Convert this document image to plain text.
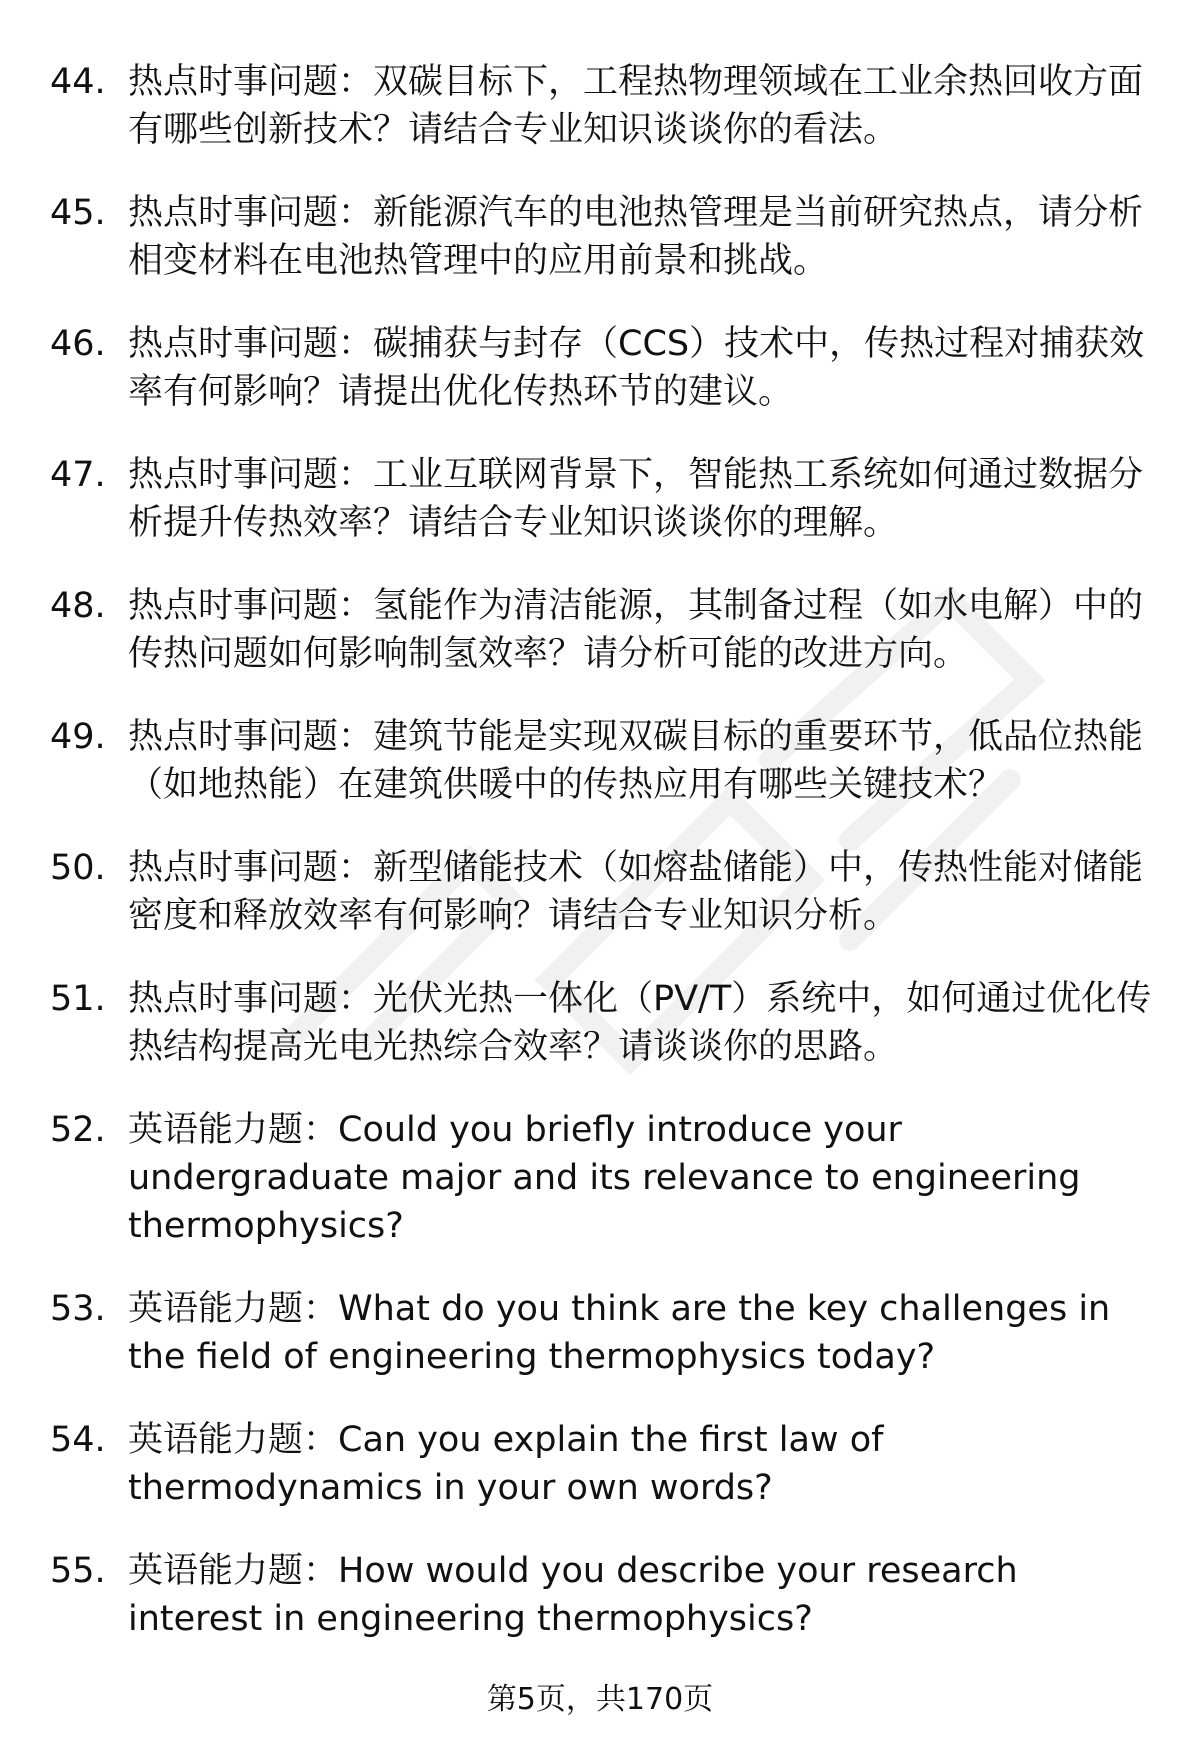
44. 热点时事问题：双碳目标下，工程热物理领域在工业余热回收方面有哪些创新技术？请结合专业知识谈谈你的看法。
45. 热点时事问题：新能源汽车的电池热管理是当前研究热点，请分析相变材料在电池热管理中的应用前景和挑战。
46. 热点时事问题：碳捕获与封存（CCS）技术中，传热过程对捕获效率有何影响？请提出优化传热环节的建议。
47. 热点时事问题：工业互联网背景下，智能热工系统如何通过数据分析提升传热效率？请结合专业知识谈谈你的理解。
48. 热点时事问题：氢能作为清洁能源，其制备过程（如水电解）中的传热问题如何影响制氢效率？请分析可能的改进方向。
49. 热点时事问题：建筑节能是实现双碳目标的重要环节，低品位热能（如地热能）在建筑供暖中的传热应用有哪些关键技术？
50. 热点时事问题：新型储能技术（如熔盐储能）中，传热性能对储能密度和释放效率有何影响？请结合专业知识分析。
51. 热点时事问题：光伏光热一体化（PV/T）系统中，如何通过优化传热结构提高光电光热综合效率？请谈谈你的思路。
52. 英语能力题：Could you briefly introduce your undergraduate major and its relevance to engineering thermophysics?
53. 英语能力题：What do you think are the key challenges in the field of engineering thermophysics today?
54. 英语能力题：Can you explain the first law of thermodynamics in your own words?
55. 英语能力题：How would you describe your research interest in engineering thermophysics?
第5页，共170页
